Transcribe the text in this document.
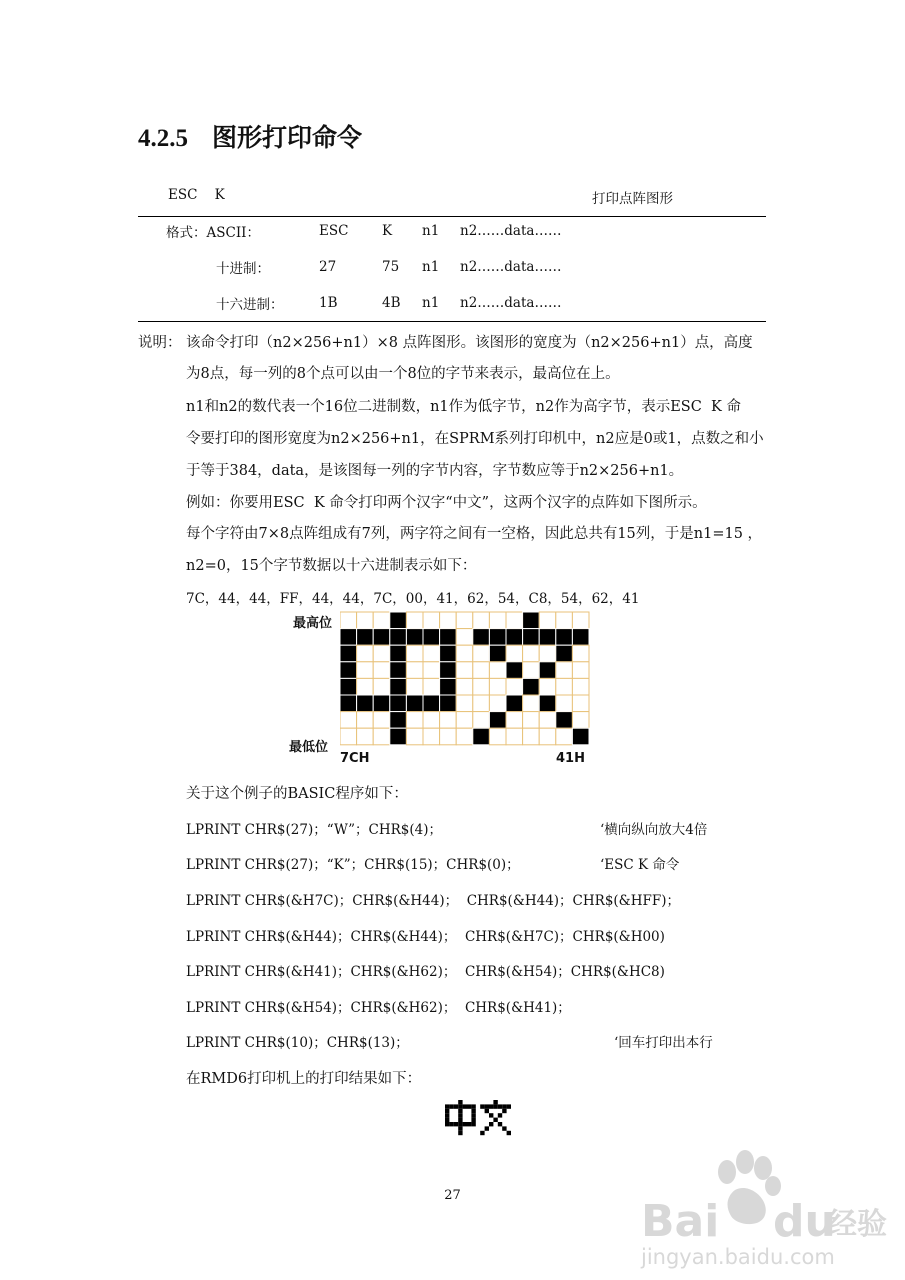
4.2.5 图形打印命令
ESC    K	打印点阵图形
格式：ASCII：	ESC	K	n1	n2……data……
十进制：	27	75	n1	n2……data……
十六进制：	1B	4B	n1	n2……data……
说明： 该命令打印（n2×256+n1）×8 点阵图形。该图形的宽度为（n2×256+n1）点，高度
为8点，每一列的8个点可以由一个8位的字节来表示，最高位在上。
n1和n2的数代表一个16位二进制数，n1作为低字节，n2作为高字节，表示ESC  K 命
令要打印的图形宽度为n2×256+n1，在SPRM系列打印机中，n2应是0或1，点数之和小
于等于384，data，是该图每一列的字节内容，字节数应等于n2×256+n1。
例如：你要用ESC  K 命令打印两个汉字“中文”，这两个汉字的点阵如下图所示。
每个字符由7×8点阵组成有7列，两字符之间有一空格，因此总共有15列，于是n1=15 ，
n2=0，15个字节数据以十六进制表示如下：
7C，44，44，FF，44，44，7C，00，41，62，54，C8，54，62，41
最高位
最低位
7CH	41H
关于这个例子的BASIC程序如下：
LPRINT CHR$(27)；“W”；CHR$(4)；	‘横向纵向放大4倍
LPRINT CHR$(27)；“K”；CHR$(15)；CHR$(0)；	‘ESC K 命令
LPRINT CHR$(&H7C)；CHR$(&H44)；  CHR$(&H44)；CHR$(&HFF)；
LPRINT CHR$(&H44)；CHR$(&H44)；  CHR$(&H7C)；CHR$(&H00)
LPRINT CHR$(&H41)；CHR$(&H62)；  CHR$(&H54)；CHR$(&HC8)
LPRINT CHR$(&H54)；CHR$(&H62)；  CHR$(&H41)；
LPRINT CHR$(10)；CHR$(13)；	‘回车打印出本行
在RMD6打印机上的打印结果如下：
27
Bai du
经验
jingyan.baidu.com
